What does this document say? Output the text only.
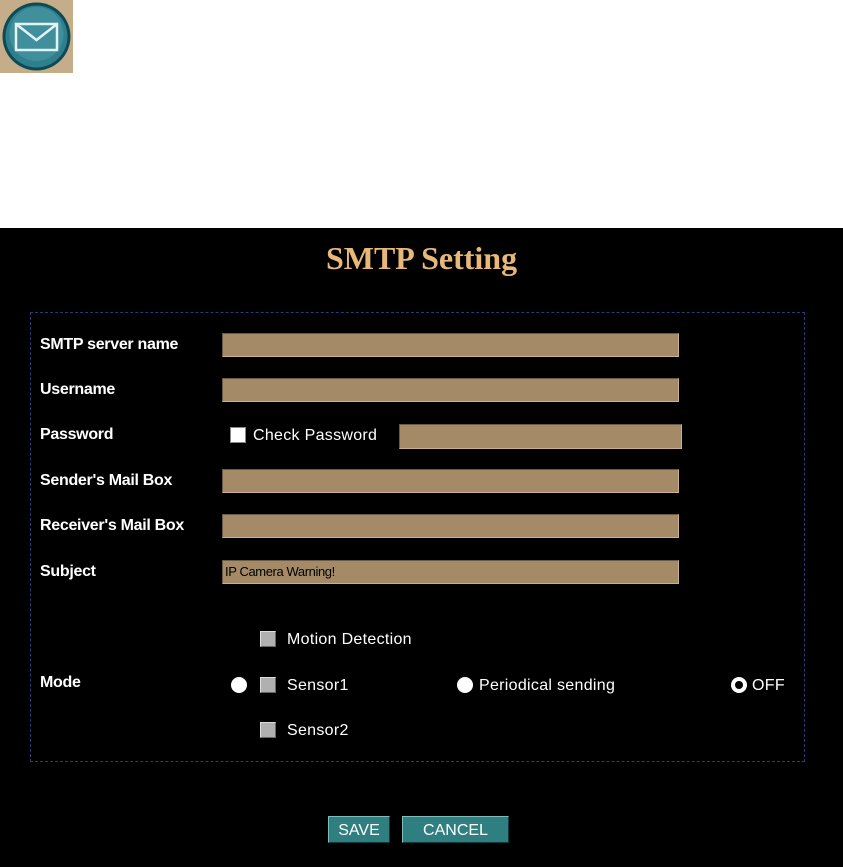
SMTP Setting
SMTP server name
Username
Password	Check Password
Sender's Mail Box
Receiver's Mail Box
Subject	IP Camera Warning!
Mode
Motion Detection
Sensor1	Periodical sending	OFF
Sensor2
SAVE	CANCEL
